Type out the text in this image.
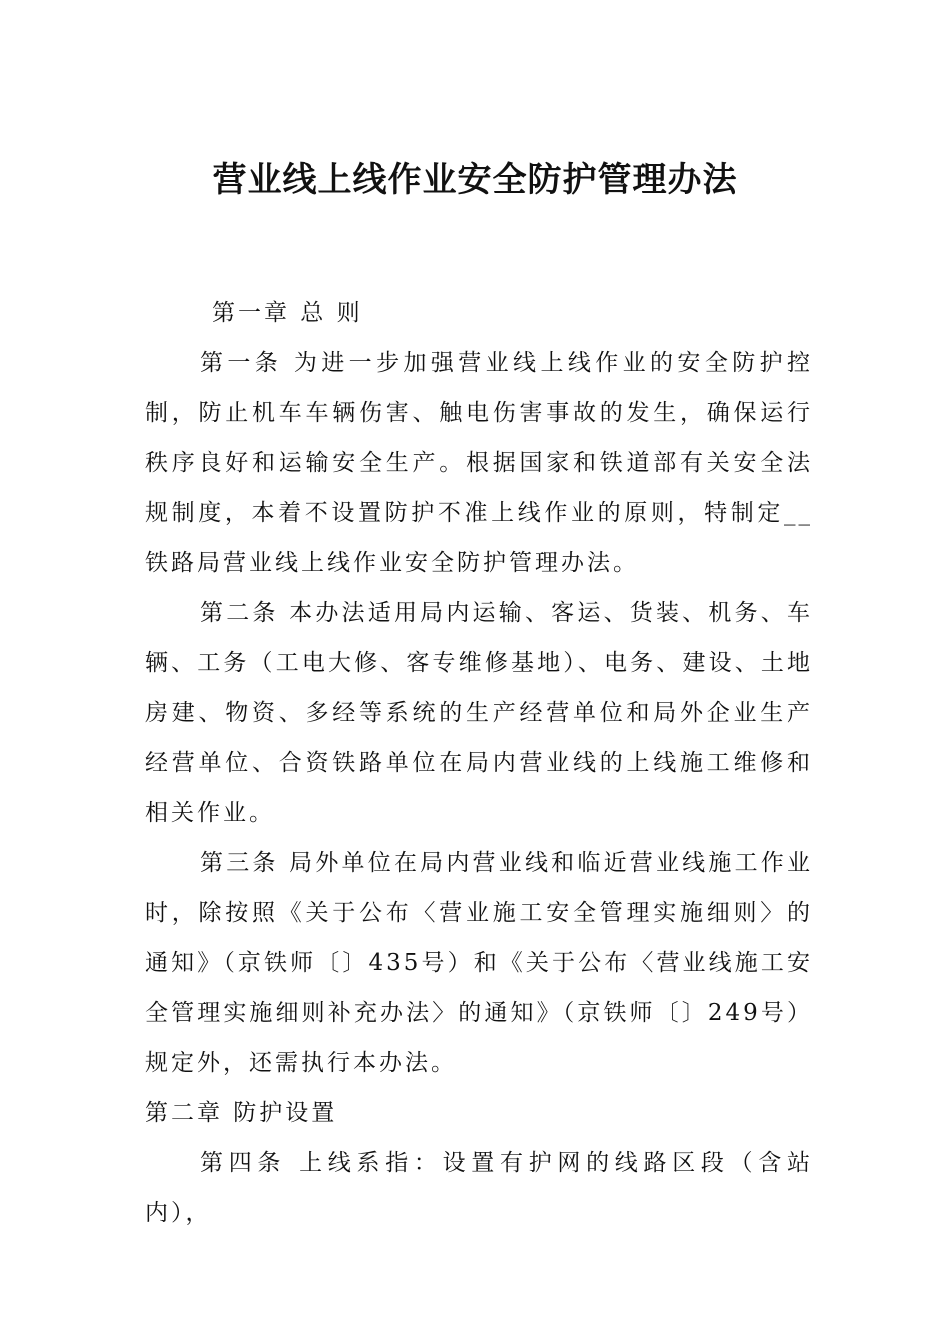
营业线上线作业安全防护管理办法

第一章 总 则

第一条 为进一步加强营业线上线作业的安全防护控制，防止机车车辆伤害、触电伤害事故的发生，确保运行秩序良好和运输安全生产。根据国家和铁道部有关安全法规制度，本着不设置防护不准上线作业的原则，特制定__铁路局营业线上线作业安全防护管理办法。

第二条 本办法适用局内运输、客运、货装、机务、车辆、工务（工电大修、客专维修基地）、电务、建设、土地房建、物资、多经等系统的生产经营单位和局外企业生产经营单位、合资铁路单位在局内营业线的上线施工维修和相关作业。

第三条 局外单位在局内营业线和临近营业线施工作业时，除按照《关于公布〈营业施工安全管理实施细则〉的通知》（京铁师〔〕435号）和《关于公布〈营业线施工安全管理实施细则补充办法〉的通知》（京铁师〔〕249号）规定外，还需执行本办法。

第二章 防护设置

第四条 上线系指：设置有护网的线路区段（含站内），
